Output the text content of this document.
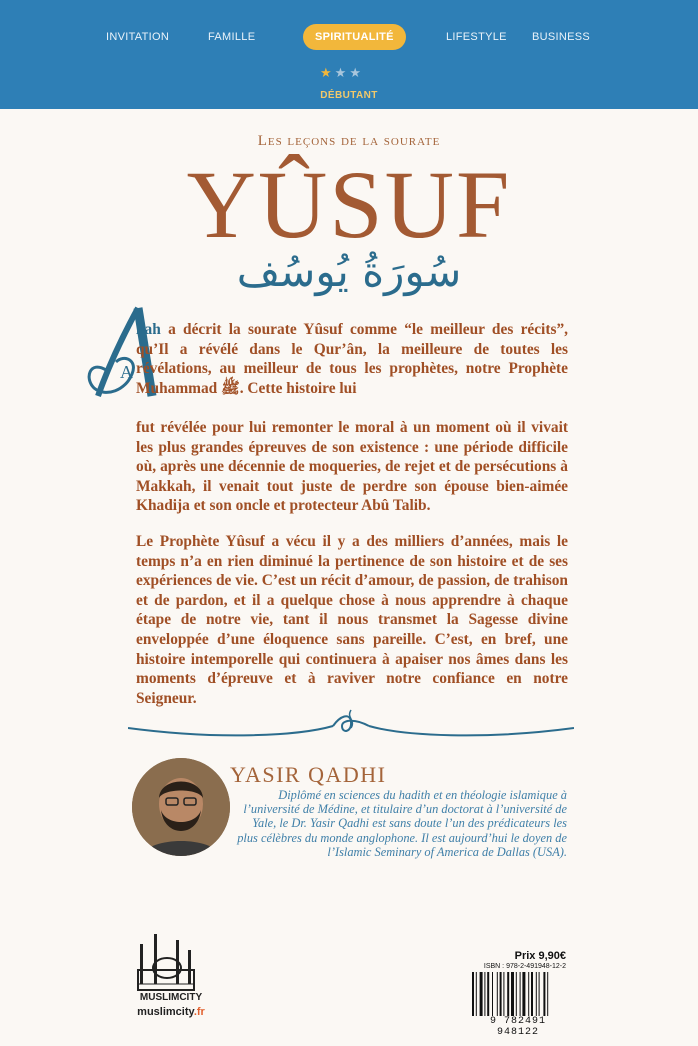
INVITATION	FAMILLE	SPIRITUALITÉ	LIFESTYLE BUSINESS
★★★
DÉBUTANT
Les leçons de la sourate
YÛSUF
سُورَةُ يُوسُف
A

llah a décrit la sourate Yûsuf comme “le meilleur des récits”, qu’Il a révélé dans le Qur’ân, la meilleure de toutes les révélations, au meilleur de tous les prophètes, notre Prophète Muhammad ﷺ. Cette histoire lui

fut révélée pour lui remonter le moral à un moment où il vivait les plus grandes épreuves de son existence : une période difficile où, après une décennie de moqueries, de rejet et de persécutions à Makkah, il venait tout juste de perdre son épouse bien-aimée Khadija et son oncle et protecteur Abû Talib.

Le Prophète Yûsuf a vécu il y a des milliers d’années, mais le temps n’a en rien diminué la pertinence de son histoire et de ses expériences de vie. C’est un récit d’amour, de passion, de trahison et de pardon, et il a quelque chose à nous apprendre à chaque étape de notre vie, tant il nous transmet la Sagesse divine enveloppée d’une éloquence sans pareille. C’est, en bref, une histoire intemporelle qui continuera à apaiser nos âmes dans les moments d’épreuve et à raviver notre confiance en notre Seigneur.

YASIR QADHI

Diplômé en sciences du hadith et en théologie islamique à l’université de Médine, et titulaire d’un doctorat à l’université de Yale, le Dr. Yasir Qadhi est sans doute l’un des prédicateurs les plus célèbres du monde anglophone. Il est aujourd’hui le doyen de l’Islamic Seminary of America de Dallas (USA).

MUSLIMCITY
muslimcity.fr
Prix 9,90€
ISBN : 978-2-491948-12-2
9 782491 948122
